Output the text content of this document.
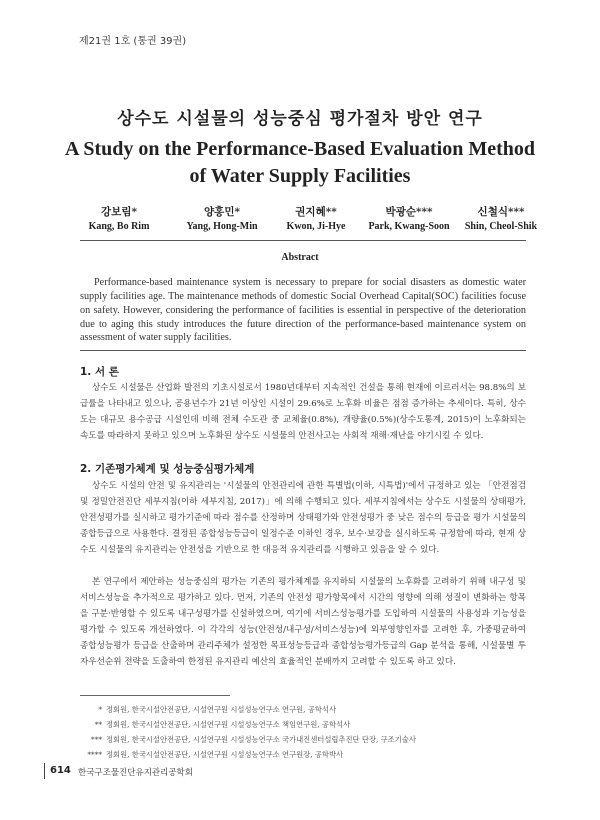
제21권 1호 (통권 39권)
상수도 시설물의 성능중심 평가절차 방안 연구
A Study on the Performance-Based Evaluation Method of Water Supply Facilities
강보림*
Kang, Bo Rim
양홍민*
Yang, Hong-Min
권지혜**
Kwon, Ji-Hye
박광순***
Park, Kwang-Soon
신철식***
Shin, Cheol-Shik
Abstract

Performance-based maintenance system is necessary to prepare for social disasters as domestic water supply facilities age. The maintenance methods of domestic Social Overhead Capital(SOC) facilities focuse on safety. However, considering the performance of facilities is essential in perspective of the deterioration due to aging this study introduces the future direction of the performance-based maintenance system on assessment of water supply facilities.

1. 서 론

상수도 시설물은 산업화 발전의 기초시설로서 1980년대부터 지속적인 건설을 통해 현재에 이르러서는 98.8%의 보급률을 나타내고 있으나, 공용년수가 21년 이상인 시설이 29.6%로 노후화 비율은 점점 증가하는 추세이다. 특히, 상수도는 대규모 용수공급 시설인데 비해 전체 수도관 중 교체율(0.8%), 개량율(0.5%)(상수도통계, 2015)이 노후화되는 속도를 따라하지 못하고 있으며 노후화된 상수도 시설물의 안전사고는 사회적 재해·재난을 야기시킬 수 있다.

2. 기존평가체계 및 성능중심평가체계

상수도 시설의 안전 및 유지관리는 '시설물의 안전관리에 관한 특별법(이하, 시특법)'에서 규정하고 있는 「안전점검 및 정밀안전진단 세부지침(이하 세부지침, 2017)」에 의해 수행되고 있다. 세부지침에서는 상수도 시설물의 상태평가, 안전성평가를 실시하고 평가기준에 따라 점수를 산정하며 상태평가와 안전성평가 중 낮은 점수의 등급을 평가 시설물의 종합등급으로 사용한다. 결정된 종합성능등급이 일정수준 이하인 경우, 보수·보강을 실시하도록 규정함에 따라, 현재 상수도 시설물의 유지관리는 안전성을 기반으로 한 대응적 유지관리를 시행하고 있음을 알 수 있다.

본 연구에서 제안하는 성능중심의 평가는 기존의 평가체계를 유지하되 시설물의 노후화를 고려하기 위해 내구성 및 서비스성능을 추가적으로 평가하고 있다. 먼저, 기존의 안전성 평가항목에서 시간의 영향에 의해 성질이 변화하는 항목을 구분·반영할 수 있도록 내구성평가를 신설하였으며, 여기에 서비스성능평가를 도입하여 시설물의 사용성과 기능성을 평가할 수 있도록 개선하였다. 이 각각의 성능(안전성/내구성/서비스성능)에 외부영향인자를 고려한 후, 가중평균하여 종합성능평가 등급을 산출하며 관리주체가 설정한 목표성능등급과 종합성능평가등급의 Gap 분석을 통해, 시설물별 투자우선순위 전략을 도출하여 한정된 유지관리 예산의 효율적인 분배까지 고려할 수 있도록 하고 있다.

* 정회원, 한국시설안전공단, 시설연구원 시설성능연구소 연구원, 공학석사
** 정회원, 한국시설안전공단, 시설연구원 시설성능연구소 책임연구원, 공학석사
*** 정회원, 한국시설안전공단, 시설연구원 시설성능연구소 국가내진센터설립추진단 단장, 구조기술사
**** 정회원, 한국시설안전공단, 시설연구원 시설성능연구소 연구원장, 공학박사
614 한국구조물진단유지관리공학회
